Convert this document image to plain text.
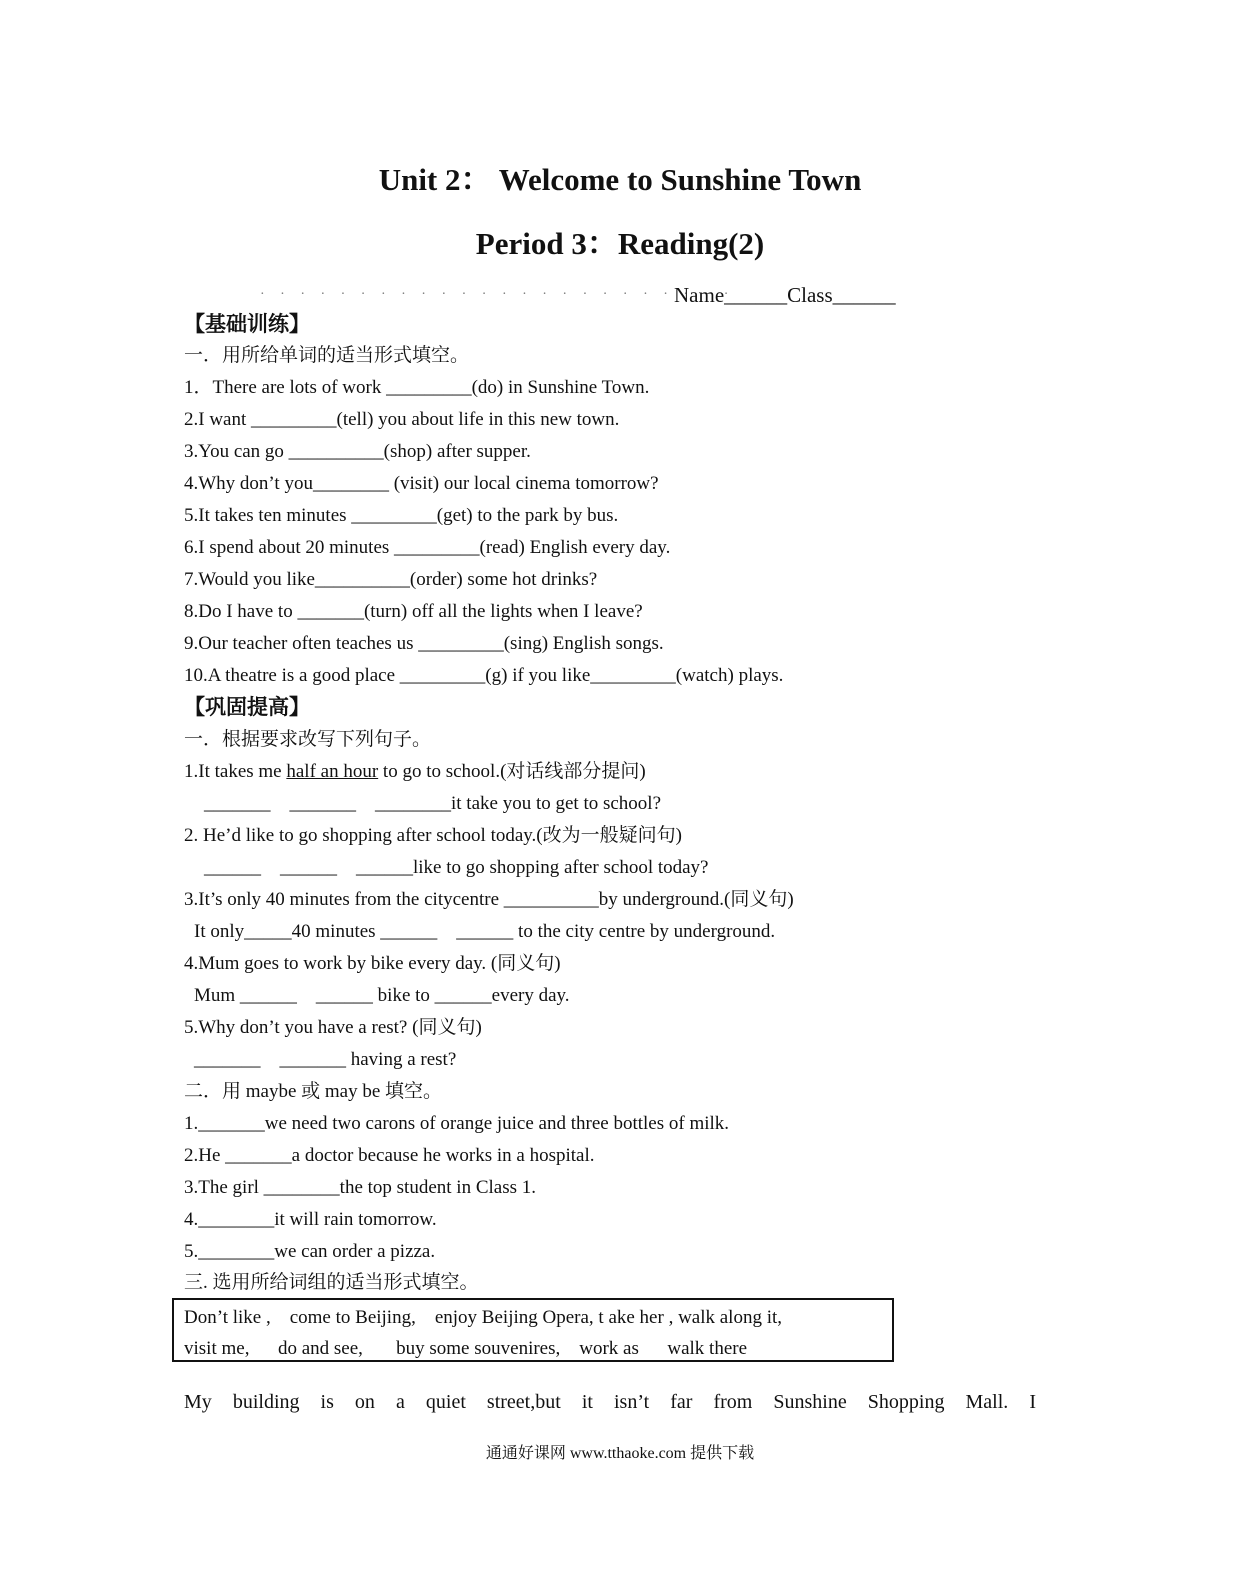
Unit 2： Welcome to Sunshine Town
Period 3：Reading(2)
· · · · · · · · · · · · · · · · · · · · · · · ·
Name______Class______

【基础训练】

一．用所给单词的适当形式填空。

1．There are lots of work _________(do) in Sunshine Town.

2.I want _________(tell) you about life in this new town.

3.You can go __________(shop) after supper.

4.Why don’t you________ (visit) our local cinema tomorrow?

5.It takes ten minutes _________(get) to the park by bus.

6.I spend about 20 minutes _________(read) English every day.

7.Would you like__________(order) some hot drinks?

8.Do I have to _______(turn) off all the lights when I leave?

9.Our teacher often teaches us _________(sing) English songs.

10.A theatre is a good place _________(g) if you like_________(watch) plays.

【巩固提高】

一．根据要求改写下列句子。

1.It takes me half an hour to go to school.(对话线部分提问)

_______    _______    ________it take you to get to school?

2. He’d like to go shopping after school today.(改为一般疑问句)

______    ______    ______like to go shopping after school today?

3.It’s only 40 minutes from the citycentre __________by underground.(同义句)

It only_____40 minutes ______    ______ to the city centre by underground.

4.Mum goes to work by bike every day. (同义句)

Mum ______    ______ bike to ______every day.

5.Why don’t you have a rest? (同义句)

_______    _______ having a rest?

二．用 maybe 或 may be 填空。

1._______we need two carons of orange juice and three bottles of milk.

2.He _______a doctor because he works in a hospital.

3.The girl ________the top student in Class 1.

4.________it will rain tomorrow.

5.________we can order a pizza.

三. 选用所给词组的适当形式填空。

Don’t like ,    come to Beijing,    enjoy Beijing Opera, t ake her , walk along it,
visit me,      do and see,       buy some souvenires,    work as      walk there

My building is on a quiet street,but it isn’t far from Sunshine Shopping Mall. I

通通好课网 www.tthaoke.com 提供下载
